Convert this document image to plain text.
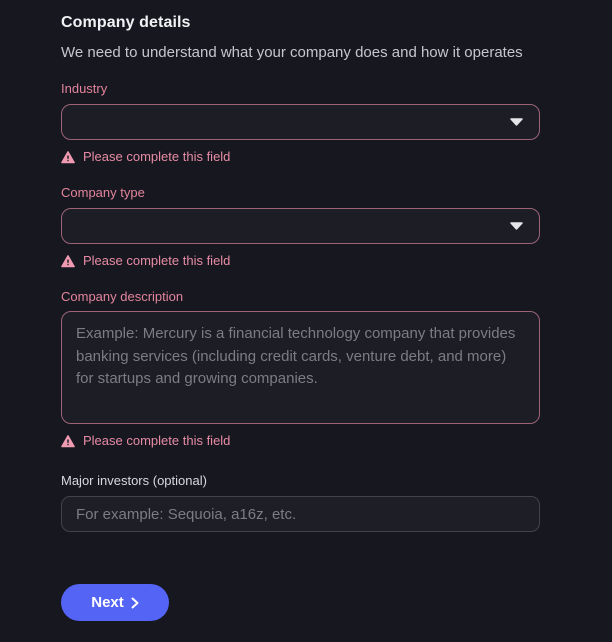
Company details

We need to understand what your company does and how it operates

Industry
Please complete this field
Company type
Please complete this field
Company description
Example: Mercury is a financial technology company that provides banking services (including credit cards, venture debt, and more) for startups and growing companies.
Please complete this field
Major investors (optional)
For example: Sequoia, a16z, etc.
Next
